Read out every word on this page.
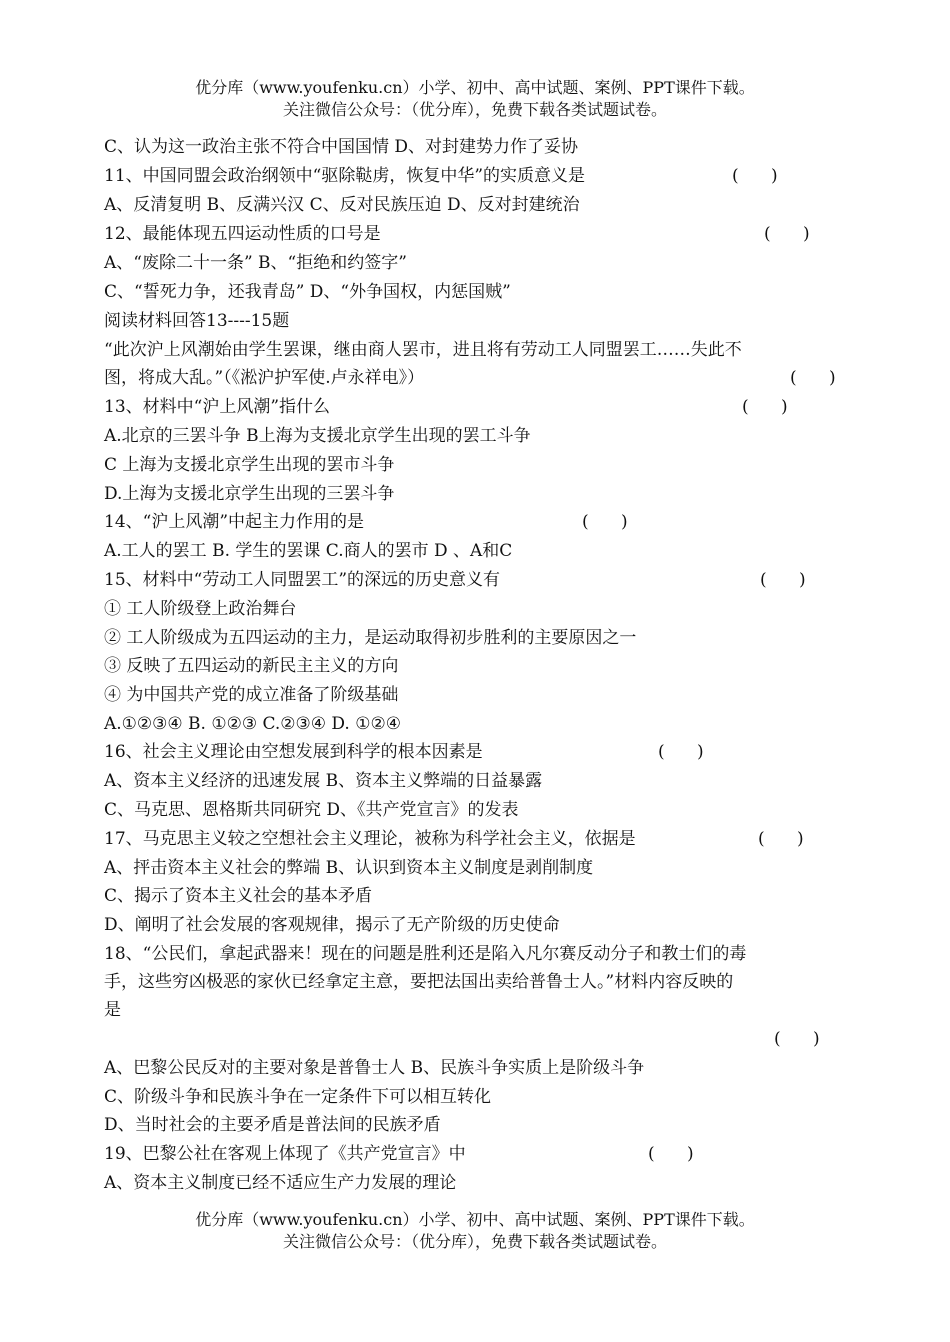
优分库（www.youfenku.cn）小学、初中、高中试题、案例、PPT课件下载。
关注微信公众号：（优分库），免费下载各类试题试卷。
C、认为这一政治主张不符合中国国情 D、对封建势力作了妥协
11、中国同盟会政治纲领中“驱除鞑虏，恢复中华”的实质意义是	(      )
A、反清复明 B、反满兴汉 C、反对民族压迫 D、反对封建统治
12、最能体现五四运动性质的口号是	(      )
A、“废除二十一条” B、“拒绝和约签字”
C、“誓死力争，还我青岛” D、“外争国权，内惩国贼”
阅读材料回答13----15题
“此次沪上风潮始由学生罢课，继由商人罢市，进且将有劳动工人同盟罢工……失此不
图，将成大乱。”（《淞沪护军使.卢永祥电》）	(      )
13、材料中“沪上风潮”指什么	(      )
A.北京的三罢斗争 B上海为支援北京学生出现的罢工斗争
C 上海为支援北京学生出现的罢市斗争
D.上海为支援北京学生出现的三罢斗争
14、“沪上风潮”中起主力作用的是	(      )
A.工人的罢工 B. 学生的罢课 C.商人的罢市 D 、A和C
15、材料中“劳动工人同盟罢工”的深远的历史意义有	(      )
① 工人阶级登上政治舞台
② 工人阶级成为五四运动的主力，是运动取得初步胜利的主要原因之一
③ 反映了五四运动的新民主主义的方向
④ 为中国共产党的成立准备了阶级基础
A.①②③④ B. ①②③ C.②③④ D. ①②④
16、社会主义理论由空想发展到科学的根本因素是	(      )
A、资本主义经济的迅速发展 B、资本主义弊端的日益暴露
C、马克思、恩格斯共同研究 D、《共产党宣言》的发表
17、马克思主义较之空想社会主义理论，被称为科学社会主义，依据是	(      )
A、抨击资本主义社会的弊端 B、认识到资本主义制度是剥削制度
C、揭示了资本主义社会的基本矛盾
D、阐明了社会发展的客观规律，揭示了无产阶级的历史使命
18、“公民们，拿起武器来！现在的问题是胜利还是陷入凡尔赛反动分子和教士们的毒
手，这些穷凶极恶的家伙已经拿定主意，要把法国出卖给普鲁士人。”材料内容反映的
是
(      )
A、巴黎公民反对的主要对象是普鲁士人 B、民族斗争实质上是阶级斗争
C、阶级斗争和民族斗争在一定条件下可以相互转化
D、当时社会的主要矛盾是普法间的民族矛盾
19、巴黎公社在客观上体现了《共产党宣言》中	(      )
A、资本主义制度已经不适应生产力发展的理论
优分库（www.youfenku.cn）小学、初中、高中试题、案例、PPT课件下载。
关注微信公众号：（优分库），免费下载各类试题试卷。
